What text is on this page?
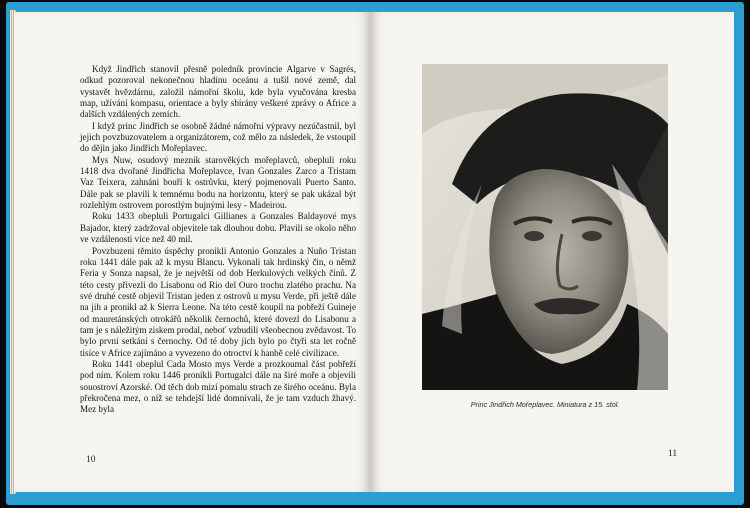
Když Jindřich stanovil přesně poledník provincie Algarve v Sagrés, odkud pozoroval nekonečnou hladinu oceánu a tušil nové země, dal vystavět hvězdárnu, založil námořní školu, kde byla vyučována kresba map, užívání kompasu, orientace a byly sbírány veškeré zprávy o Africe a dalších vzdálených zemích.

I když princ Jindřich se osobně žádné námořní výpravy nezúčastnil, byl jejich povzbuzovatelem a organizátorem, což mělo za následek, že vstoupil do dějin jako Jindřich Mořeplavec.

Mys Nuw, osudový mezník starověkých mořeplavců, obepluli roku 1418 dva dvořané Jindřicha Mořeplavce, Ivan Gonzales Zarco a Tristam Vaz Teixera, zahnáni bouří k ostrůvku, který pojmenovali Puerto Santo. Dále pak se plavili k temnému bodu na horizontu, který se pak ukázal být rozlehlým ostrovem porostlým bujnými lesy - Madeirou.

Roku 1433 obepluli Portugalci Gillianes a Gonzales Baldayové mys Bajador, který zadržoval objevitele tak dlouhou dobu. Plavili se okolo něho ve vzdálenosti více než 40 mil.

Povzbuzeni těmito úspěchy pronikli Antonio Gonzales a Nuño Tristan roku 1441 dále pak až k mysu Blancu. Vykonali tak hrdinský čin, o němž Feria y Sonza napsal, že je největší od dob Herkulových velkých činů. Z této cesty přivezli do Lisabonu od Rio del Ouro trochu zlatého prachu. Na své druhé cestě objevil Tristan jeden z ostrovů u mysu Verde, při ještě dále na jih a pronikl až k Sierra Leone. Na této cestě koupil na pobřeží Guineje od mauretánských otrokářů několik černochů, které dovezl do Lisabonu a tam je s náležitým ziskem prodal, neboť vzbudili všeobecnou zvědavost. To bylo první setkání s černochy. Od té doby jich bylo po čtyři sta let ročně tisíce v Africe zajímáno a vyvezeno do otroctví k hanbě celé civilizace.

Roku 1441 obeplul Cada Mosto mys Verde a prozkoumal část pobřeží pod ním. Kolem roku 1446 pronikli Portugalci dále na širé moře a objevili souostroví Azorské. Od těch dob mizí pomalu strach ze širého oceánu. Byla překročena mez, o níž se tehdejší lidé domnívali, že je tam vzduch žhavý. Mez byla

10
Princ Jindřich Mořeplavec. Miniatura z 15. stol.
11
